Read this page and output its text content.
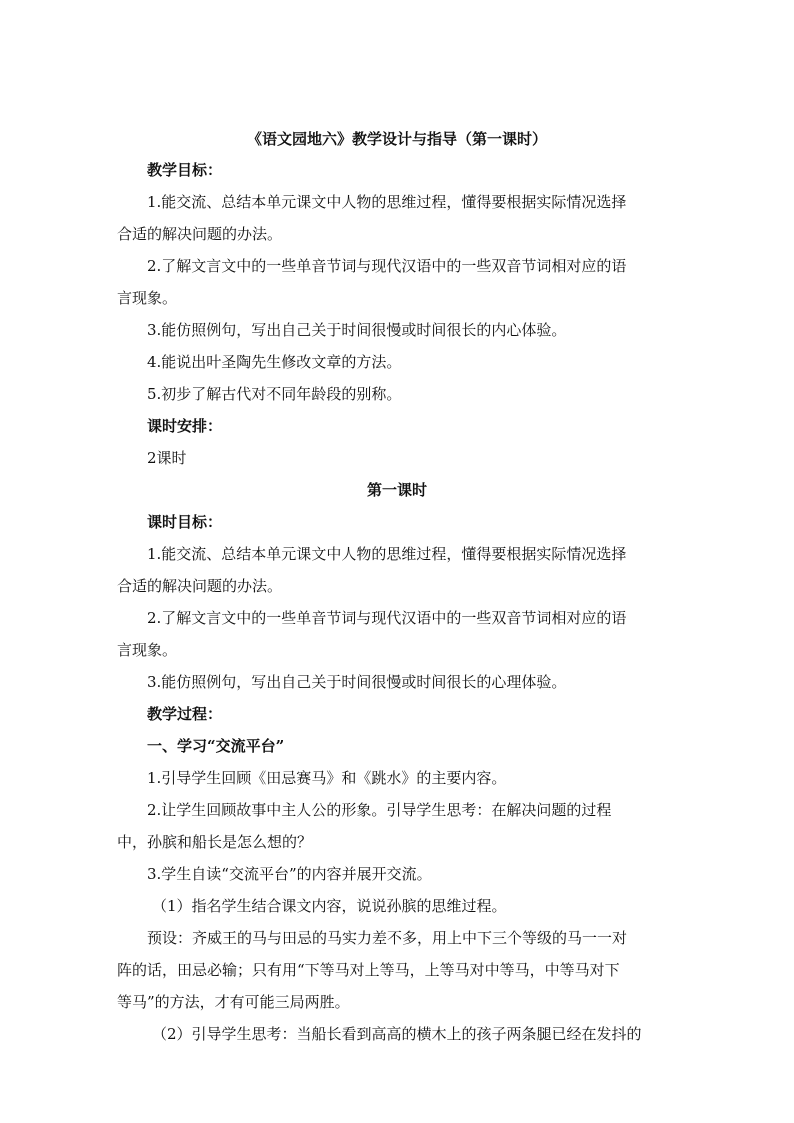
《语文园地六》教学设计与指导（第一课时）
教学目标：
1.能交流、总结本单元课文中人物的思维过程，懂得要根据实际情况选择
合适的解决问题的办法。
2.了解文言文中的一些单音节词与现代汉语中的一些双音节词相对应的语
言现象。
3.能仿照例句，写出自己关于时间很慢或时间很长的内心体验。
4.能说出叶圣陶先生修改文章的方法。
5.初步了解古代对不同年龄段的别称。
课时安排：
2课时
第一课时
课时目标：
1.能交流、总结本单元课文中人物的思维过程，懂得要根据实际情况选择
合适的解决问题的办法。
2.了解文言文中的一些单音节词与现代汉语中的一些双音节词相对应的语
言现象。
3.能仿照例句，写出自己关于时间很慢或时间很长的心理体验。
教学过程：
一、学习“交流平台”
1.引导学生回顾《田忌赛马》和《跳水》的主要内容。
2.让学生回顾故事中主人公的形象。引导学生思考：在解决问题的过程
中，孙膑和船长是怎么想的？
3.学生自读“交流平台”的内容并展开交流。
（1）指名学生结合课文内容，说说孙膑的思维过程。
预设：齐威王的马与田忌的马实力差不多，用上中下三个等级的马一一对
阵的话，田忌必输；只有用“下等马对上等马，上等马对中等马，中等马对下
等马”的方法，才有可能三局两胜。
（2）引导学生思考：当船长看到高高的横木上的孩子两条腿已经在发抖的
